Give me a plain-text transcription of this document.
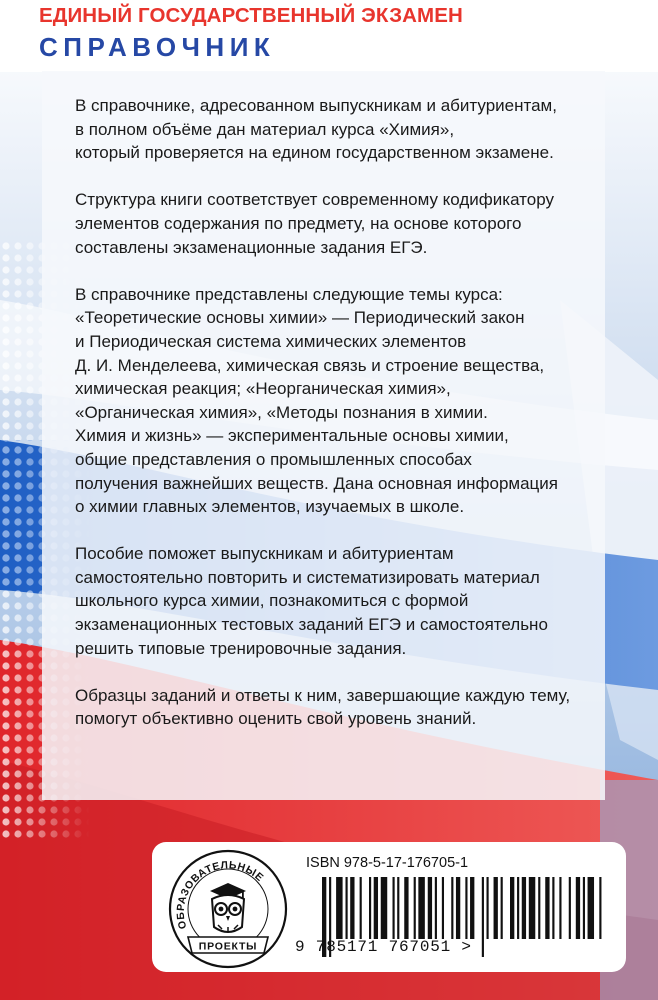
ЕДИНЫЙ ГОСУДАРСТВЕННЫЙ ЭКЗАМЕН
СПРАВОЧНИК

В справочнике, адресованном выпускникам и абитуриентам,
в полном объёме дан материал курса «Химия»,
который проверяется на едином государственном экзамене.

Структура книги соответствует современному кодификатору
элементов содержания по предмету, на основе которого
составлены экзаменационные задания ЕГЭ.

В справочнике представлены следующие темы курса:
«Теоретические основы химии» — Периодический закон
и Периодическая система химических элементов
Д. И. Менделеева, химическая связь и строение вещества,
химическая реакция; «Неорганическая химия»,
«Органическая химия», «Методы познания в химии.
Химия и жизнь» — экспериментальные основы химии,
общие представления о промышленных способах
получения важнейших веществ. Дана основная информация
о химии главных элементов, изучаемых в школе.

Пособие поможет выпускникам и абитуриентам
самостоятельно повторить и систематизировать материал
школьного курса химии, познакомиться с формой
экзаменационных тестовых заданий ЕГЭ и самостоятельно
решить типовые тренировочные задания.

Образцы заданий и ответы к ним, завершающие каждую тему,
помогут объективно оценить свой уровень знаний.

ОБРАЗОВАТЕЛЬНЫЕ
ПРОЕКТЫ
ISBN 978-5-17-176705-1
9 785171 767051 >
